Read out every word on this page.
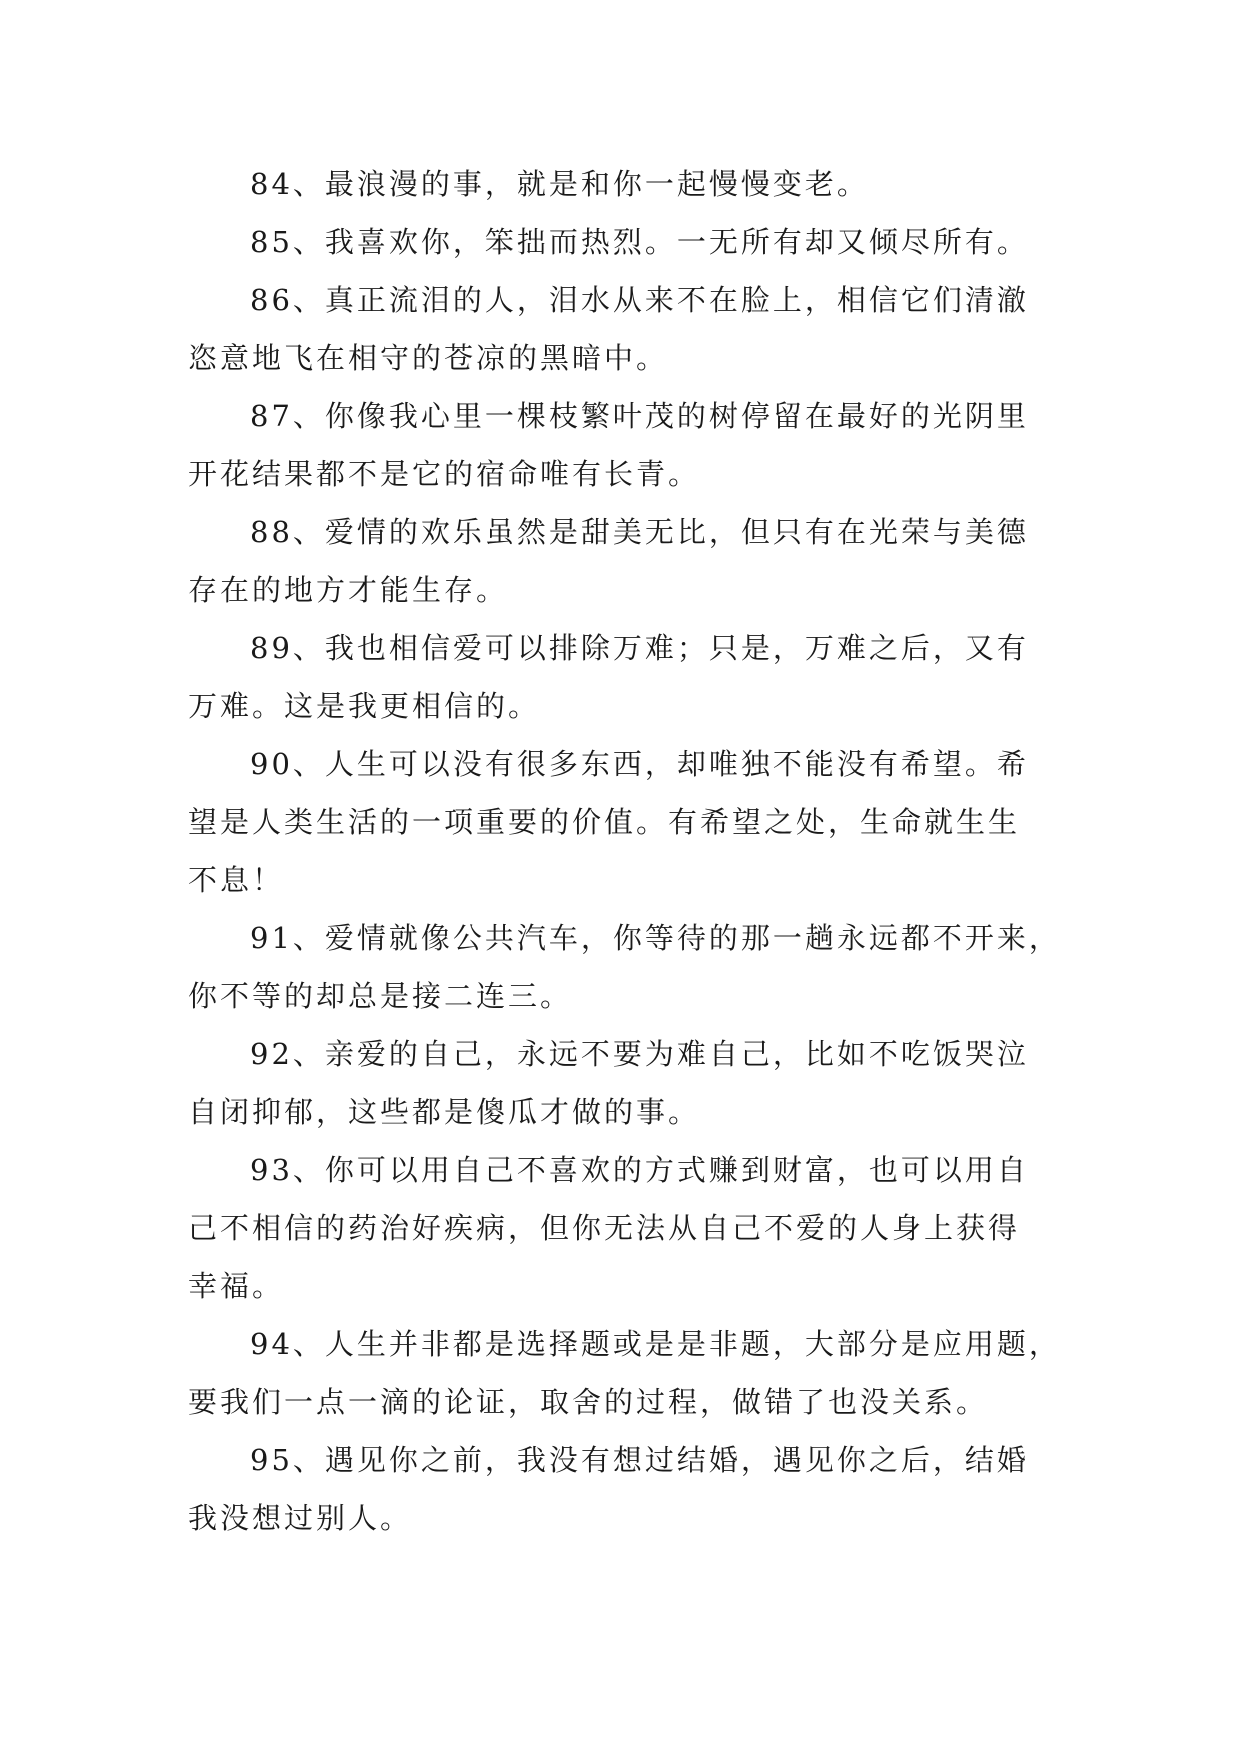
84、最浪漫的事，就是和你一起慢慢变老。

85、我喜欢你，笨拙而热烈。一无所有却又倾尽所有。

86、真正流泪的人，泪水从来不在脸上，相信它们清澈
恣意地飞在相守的苍凉的黑暗中。

87、你像我心里一棵枝繁叶茂的树停留在最好的光阴里
开花结果都不是它的宿命唯有长青。

88、爱情的欢乐虽然是甜美无比，但只有在光荣与美德
存在的地方才能生存。

89、我也相信爱可以排除万难；只是，万难之后，又有
万难。这是我更相信的。

90、人生可以没有很多东西，却唯独不能没有希望。希
望是人类生活的一项重要的价值。有希望之处，生命就生生
不息！

91、爱情就像公共汽车，你等待的那一趟永远都不开来，
你不等的却总是接二连三。

92、亲爱的自己，永远不要为难自己，比如不吃饭哭泣
自闭抑郁，这些都是傻瓜才做的事。

93、你可以用自己不喜欢的方式赚到财富，也可以用自
己不相信的药治好疾病，但你无法从自己不爱的人身上获得
幸福。

94、人生并非都是选择题或是是非题，大部分是应用题，
要我们一点一滴的论证，取舍的过程，做错了也没关系。

95、遇见你之前，我没有想过结婚，遇见你之后，结婚
我没想过别人。
